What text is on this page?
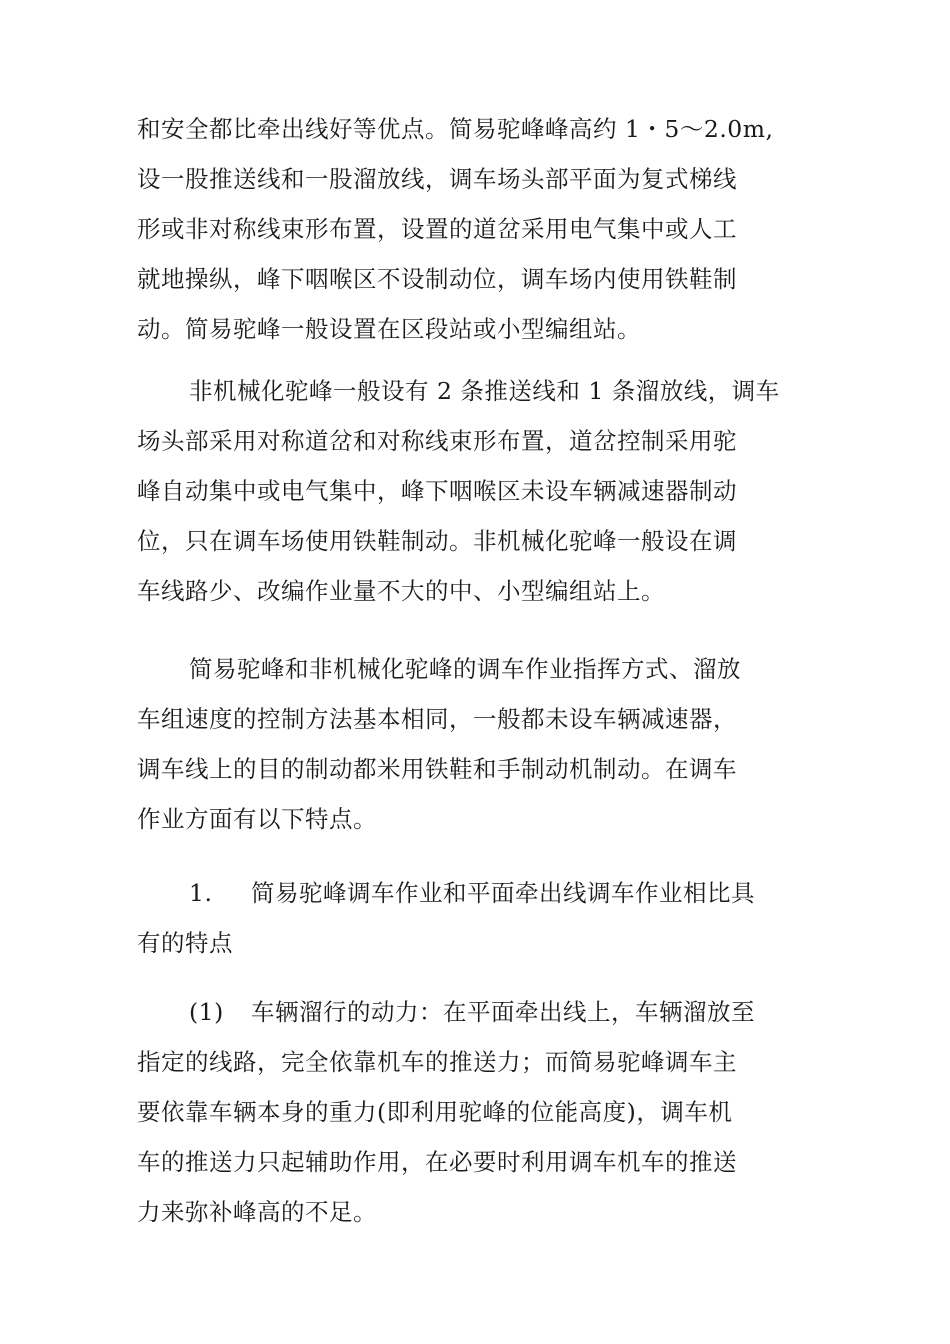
和安全都比牵出线好等优点。简易驼峰峰高约 1・5〜2.0m,
设一股推送线和一股溜放线，调车场头部平面为复式梯线
形或非对称线束形布置，设置的道岔采用电气集中或人工
就地操纵，峰下咽喉区不设制动位，调车场内使用铁鞋制
动。简易驼峰一般设置在区段站或小型编组站。
非机械化驼峰一般设有 2 条推送线和 1 条溜放线，调车
场头部采用对称道岔和对称线束形布置，道岔控制采用驼
峰自动集中或电气集中，峰下咽喉区未设车辆减速器制动
位，只在调车场使用铁鞋制动。非机械化驼峰一般设在调
车线路少、改编作业量不大的中、小型编组站上。
简易驼峰和非机械化驼峰的调车作业指挥方式、溜放
车组速度的控制方法基本相同，一般都未设车辆减速器，
调车线上的目的制动都米用铁鞋和手制动机制动。在调车
作业方面有以下特点。
1. 简易驼峰调车作业和平面牵出线调车作业相比具
有的特点
(1) 车辆溜行的动力：在平面牵出线上，车辆溜放至
指定的线路，完全依靠机车的推送力；而简易驼峰调车主
要依靠车辆本身的重力(即利用驼峰的位能高度)，调车机
车的推送力只起辅助作用，在必要时利用调车机车的推送
力来弥补峰高的不足。
